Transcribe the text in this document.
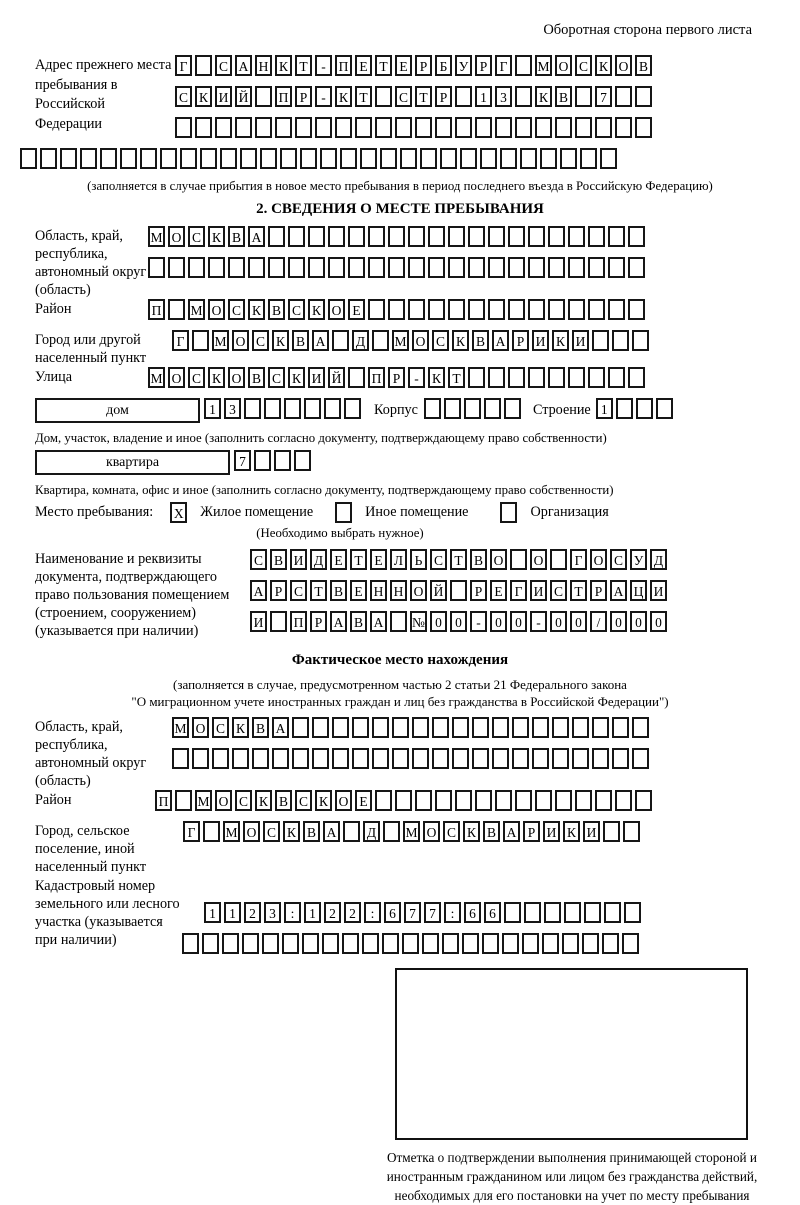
Оборотная сторона первого листа
Адрес прежнего места пребывания в Российской Федерации
Г С А Н К Т - П Е Т Е Р Б У Р Г М О С К О В
С К И Й П Р - К Т С Т Р 1 3 К В 7
(заполняется в случае прибытия в новое место пребывания в период последнего въезда в Российскую Федерацию)
2. СВЕДЕНИЯ О МЕСТЕ ПРЕБЫВАНИЯ
Область, край, республика, автономный округ (область)
М О С К В А
Район	П М О С К В С К О Е
Город или другой населенный пункт
Г М О С К В А Д М О С К В А Р И К И
Улица	М О С К О В С К И Й П Р - К Т
дом	1 3	Корпус	Строение 1
Дом, участок, владение и иное (заполнить согласно документу, подтверждающему право собственности)
квартира	7
Квартира, комната, офис и иное (заполнить согласно документу, подтверждающему право собственности)
Место пребывания: X Жилое помещение	Иное помещение	Организация
(Необходимо выбрать нужное)
Наименование и реквизиты документа, подтверждающего право пользования помещением (строением, сооружением) (указывается при наличии)
С В И Д Е Т Е Л Ь С Т В О О Г О С У Д
А Р С Т В Е Н Н О Й Р Е Г И С Т Р А Ц И
И П Р А В А № 0 0 - 0 0 - 0 0 / 0 0 0
Фактическое место нахождения
(заполняется в случае, предусмотренном частью 2 статьи 21 Федерального закона
"О миграционном учете иностранных граждан и лиц без гражданства в Российской Федерации")
Область, край, республика, автономный округ (область)
М О С К В А
Район	П М О С К В С К О Е
Город, сельское поселение, иной населенный пункт
Г М О С К В А Д М О С К В А Р И К И
Кадастровый номер земельного или лесного участка (указывается при наличии)
1 1 2 3 : 1 2 2 : 6 7 7 : 6 6
Отметка о подтверждении выполнения принимающей стороной и иностранным гражданином или лицом без гражданства действий, необходимых для его постановки на учет по месту пребывания
